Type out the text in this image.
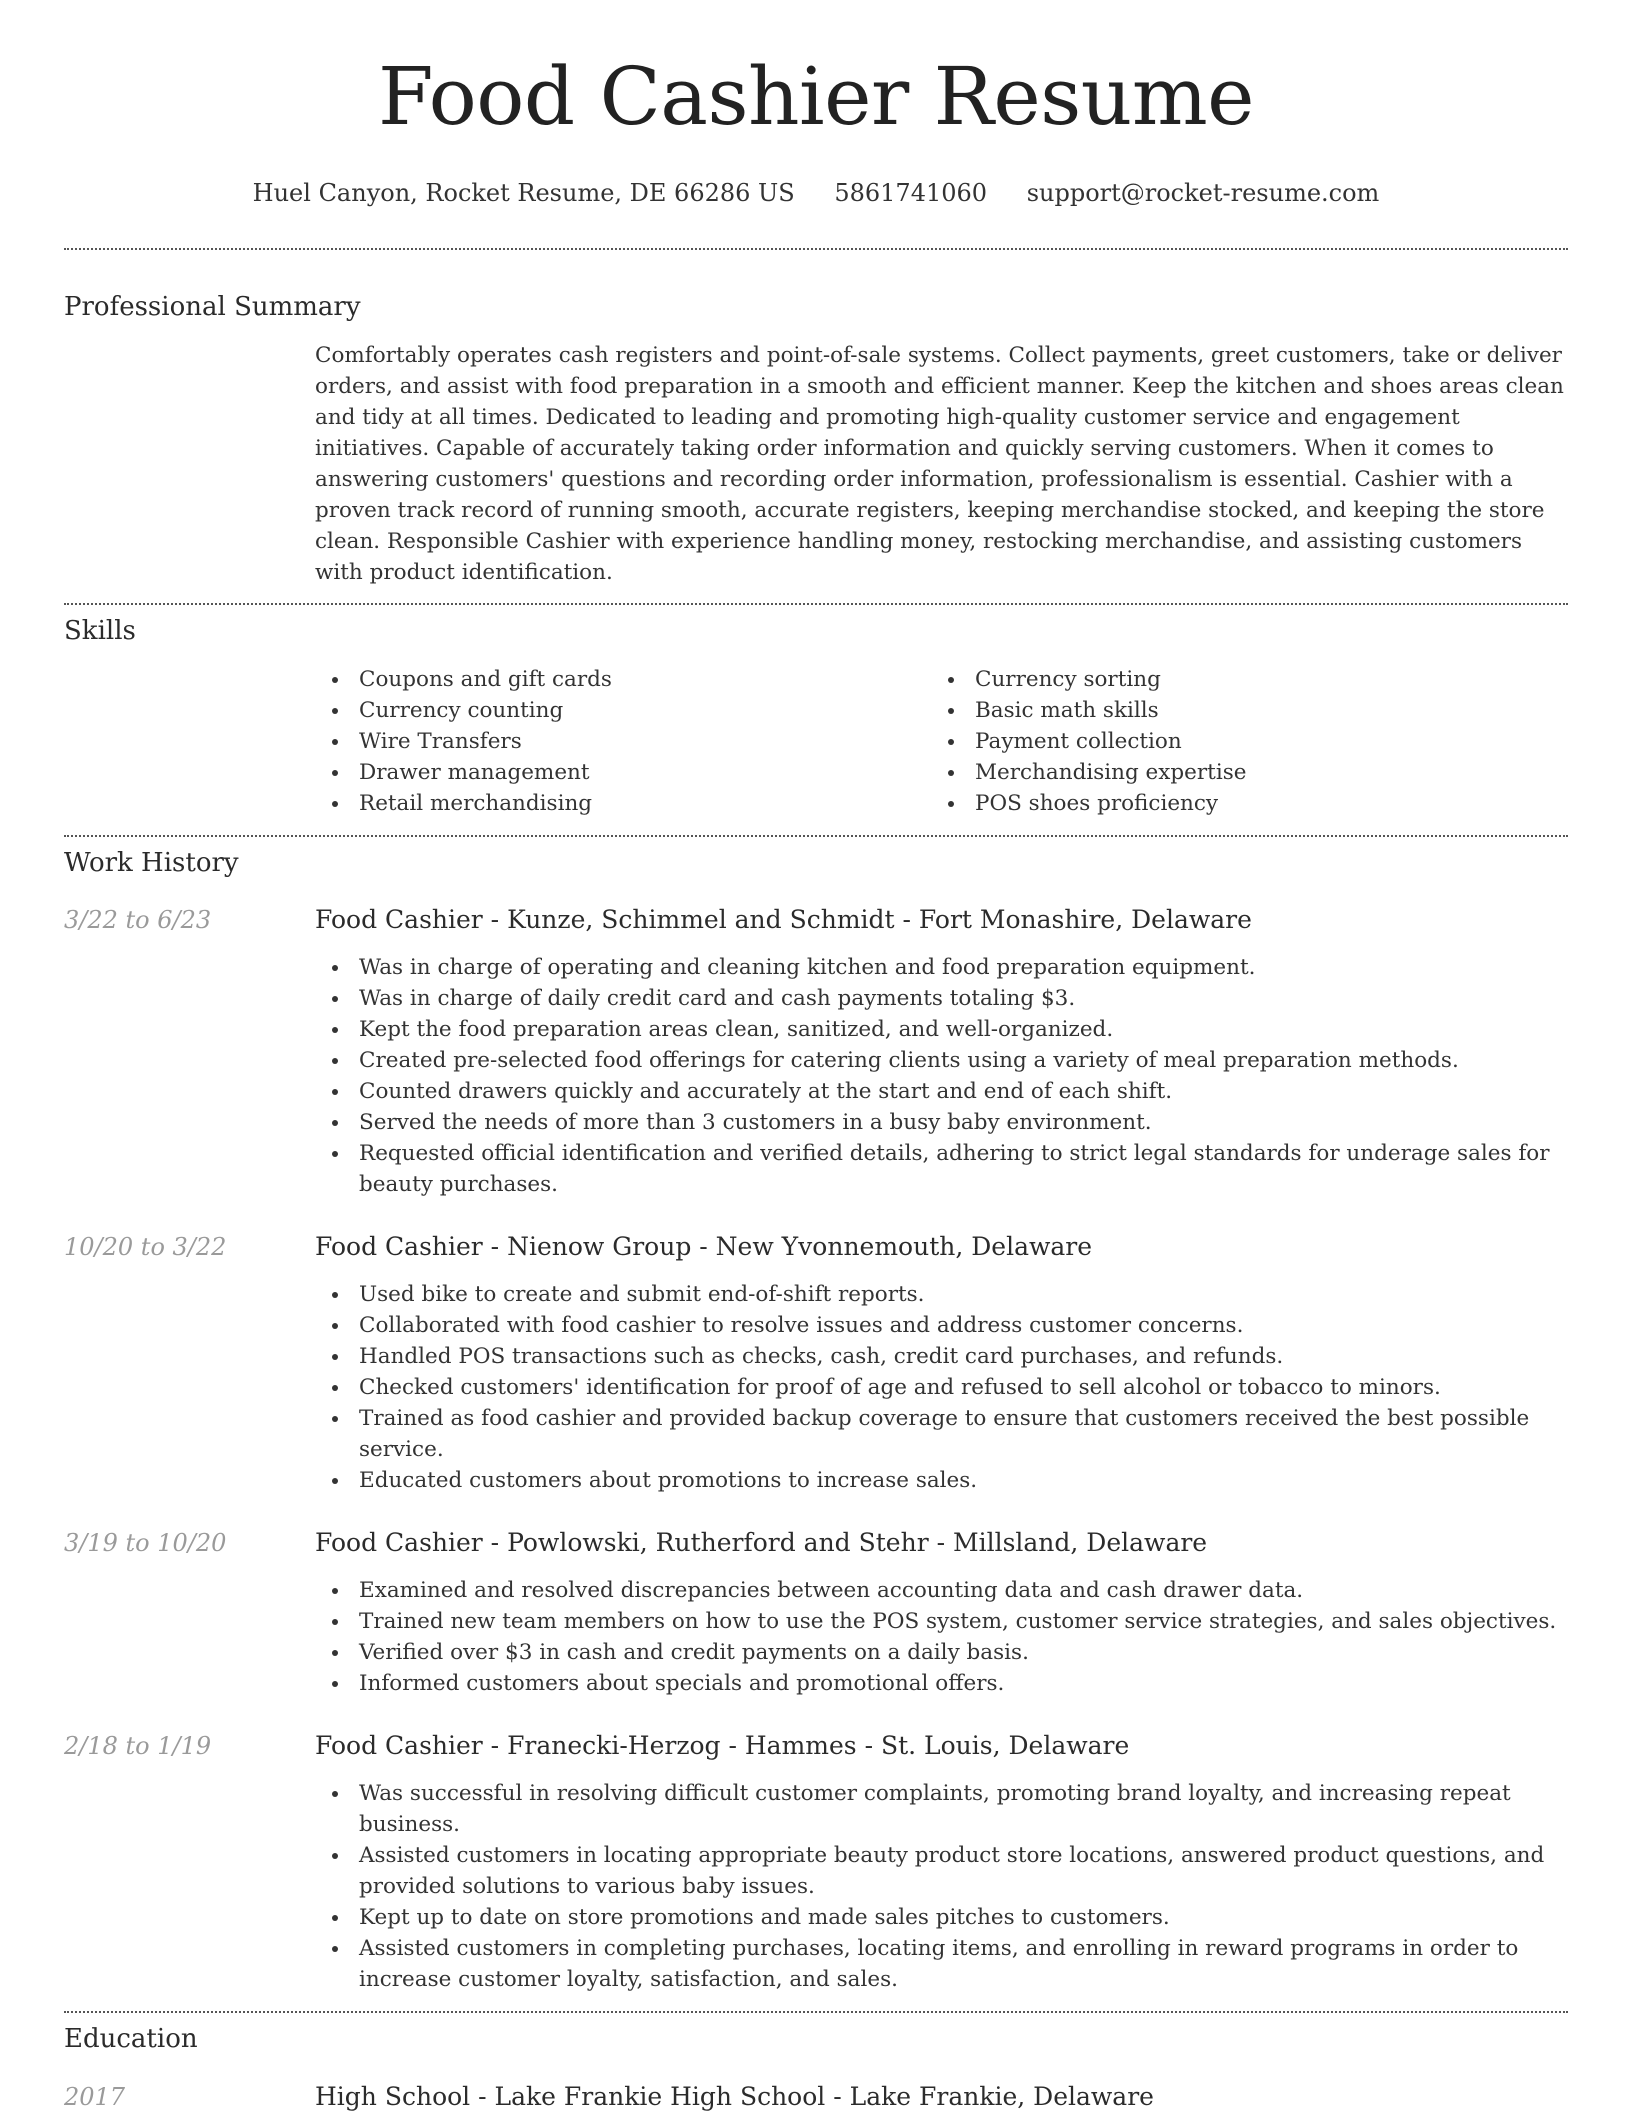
Food Cashier Resume
Huel Canyon, Rocket Resume, DE 66286 US 5861741060 support@rocket-resume.com
Professional Summary

Comfortably operates cash registers and point-of-sale systems. Collect payments, greet customers, take or deliver orders, and assist with food preparation in a smooth and efficient manner. Keep the kitchen and shoes areas clean and tidy at all times. Dedicated to leading and promoting high-quality customer service and engagement initiatives. Capable of accurately taking order information and quickly serving customers. When it comes to answering customers' questions and recording order information, professionalism is essential. Cashier with a proven track record of running smooth, accurate registers, keeping merchandise stocked, and keeping the store clean. Responsible Cashier with experience handling money, restocking merchandise, and assisting customers with product identification.

Skills
Coupons and gift cards
Currency counting
Wire Transfers
Drawer management
Retail merchandising
Currency sorting
Basic math skills
Payment collection
Merchandising expertise
POS shoes proficiency
Work History
3/22 to 6/23	Food Cashier - Kunze, Schimmel and Schmidt - Fort Monashire, Delaware
Was in charge of operating and cleaning kitchen and food preparation equipment.
Was in charge of daily credit card and cash payments totaling $3.
Kept the food preparation areas clean, sanitized, and well-organized.
Created pre-selected food offerings for catering clients using a variety of meal preparation methods.
Counted drawers quickly and accurately at the start and end of each shift.
Served the needs of more than 3 customers in a busy baby environment.
Requested official identification and verified details, adhering to strict legal standards for underage sales for beauty purchases.
10/20 to 3/22	Food Cashier - Nienow Group - New Yvonnemouth, Delaware
Used bike to create and submit end-of-shift reports.
Collaborated with food cashier to resolve issues and address customer concerns.
Handled POS transactions such as checks, cash, credit card purchases, and refunds.
Checked customers' identification for proof of age and refused to sell alcohol or tobacco to minors.
Trained as food cashier and provided backup coverage to ensure that customers received the best possible service.
Educated customers about promotions to increase sales.
3/19 to 10/20	Food Cashier - Powlowski, Rutherford and Stehr - Millsland, Delaware
Examined and resolved discrepancies between accounting data and cash drawer data.
Trained new team members on how to use the POS system, customer service strategies, and sales objectives.
Verified over $3 in cash and credit payments on a daily basis.
Informed customers about specials and promotional offers.
2/18 to 1/19	Food Cashier - Franecki-Herzog - Hammes - St. Louis, Delaware
Was successful in resolving difficult customer complaints, promoting brand loyalty, and increasing repeat business.
Assisted customers in locating appropriate beauty product store locations, answered product questions, and provided solutions to various baby issues.
Kept up to date on store promotions and made sales pitches to customers.
Assisted customers in completing purchases, locating items, and enrolling in reward programs in order to increase customer loyalty, satisfaction, and sales.
Education
2017	High School - Lake Frankie High School - Lake Frankie, Delaware
